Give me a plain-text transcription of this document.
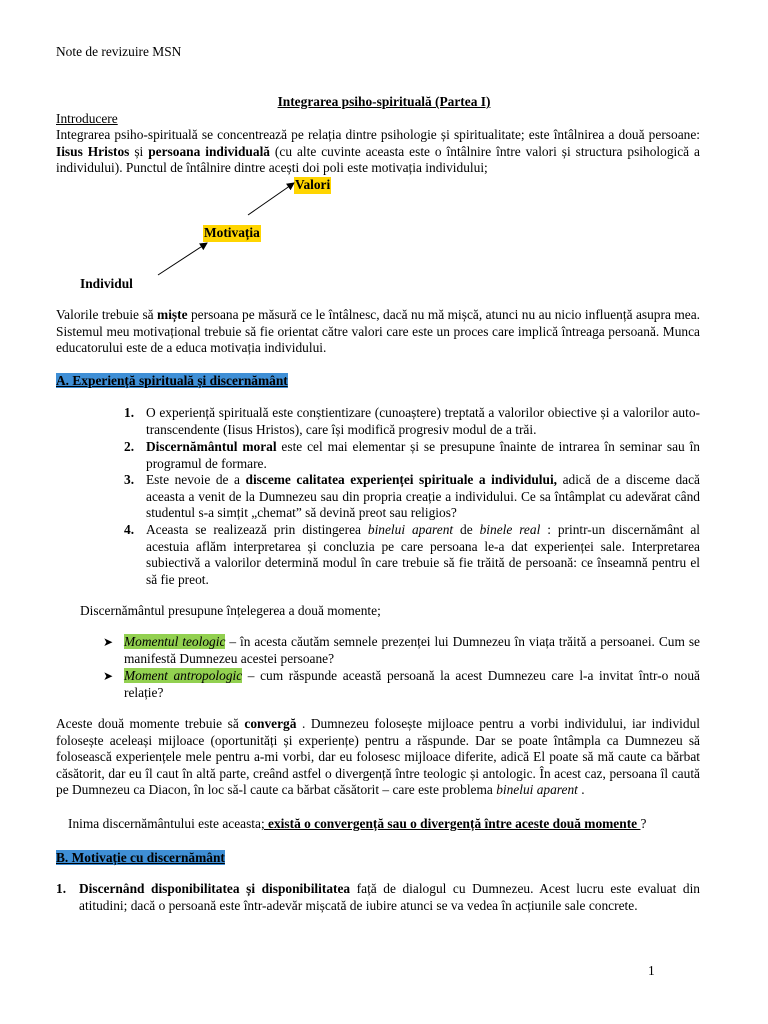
Note de revizuire MSN
Integrarea psiho-spirituală (Partea I)
Introducere
Integrarea psiho-spirituală se concentrează pe relația dintre psihologie și spiritualitate; este întâlnirea a două persoane: Iisus Hristos și persoana individuală (cu alte cuvinte aceasta este o întâlnire între valori și structura psihologică a individului). Punctul de întâlnire dintre acești doi poli este motivația individului;
Valori
Motivația
Individul
Valorile trebuie să miște persoana pe măsură ce le întâlnesc, dacă nu mă mișcă, atunci nu au nicio influență asupra mea. Sistemul meu motivațional trebuie să fie orientat către valori care este un proces care implică întreaga persoană. Munca educatorului este de a educa motivația individului.
A. Experiență spirituală și discernământ
1. O experiență spirituală este conștientizare (cunoaștere) treptată a valorilor obiective și a valorilor auto-transcendente (Iisus Hristos), care își modifică progresiv modul de a trăi.
2. Discernământul moral este cel mai elementar și se presupune înainte de intrarea în seminar sau în programul de formare.
3. Este nevoie de a disceme calitatea experienței spirituale a individului, adică de a disceme dacă aceasta a venit de la Dumnezeu sau din propria creație a individului. Ce sa întâmplat cu adevărat când studentul s-a simțit „chemat” să devină preot sau religios?
4. Aceasta se realizează prin distingerea binelui aparent de binele real : printr-un discernământ al acestuia aflăm interpretarea și concluzia pe care persoana le-a dat experienței sale. Interpretarea subiectivă a valorilor determină modul în care trebuie să fie trăită de persoană: ce înseamnă pentru el să fie preot.
Discernământul presupune înțelegerea a două momente;
➤ Momentul teologic – în acesta căutăm semnele prezenței lui Dumnezeu în viața trăită a persoanei. Cum se manifestă Dumnezeu acestei persoane?
➤ Moment antropologic – cum răspunde această persoană la acest Dumnezeu care l-a invitat într-o nouă relație?
Aceste două momente trebuie să convergă . Dumnezeu folosește mijloace pentru a vorbi individului, iar individul folosește aceleași mijloace (oportunități și experiențe) pentru a răspunde. Dar se poate întâmpla ca Dumnezeu să folosească experiențele mele pentru a-mi vorbi, dar eu folosesc mijloace diferite, adică El poate să mă caute ca bărbat căsătorit, dar eu îl caut în altă parte, creând astfel o divergență între teologic și antologic. În acest caz, persoana îl caută pe Dumnezeu ca Diacon, în loc să-l caute ca bărbat căsătorit – care este problema binelui aparent .
Inima discernământului este aceasta; există o convergență sau o divergență între aceste două momente ?
B. Motivație cu discernământ
1. Discernând disponibilitatea și disponibilitatea față de dialogul cu Dumnezeu. Acest lucru este evaluat din atitudini; dacă o persoană este într-adevăr mișcată de iubire atunci se va vedea în acțiunile sale concrete.
1
